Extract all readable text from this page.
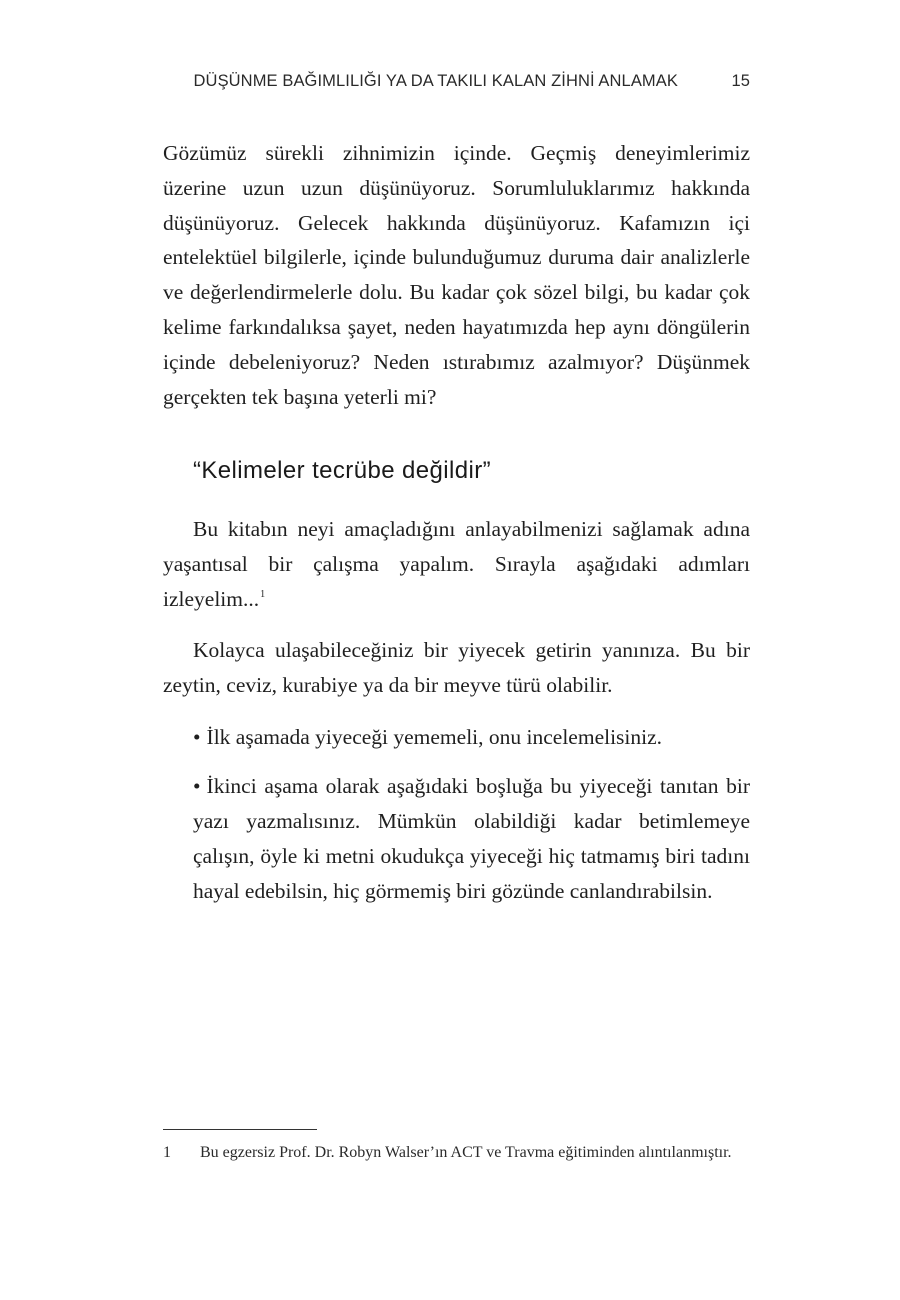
DÜŞÜNME BAĞIMLILIĞI YA DA TAKILI KALAN ZİHNİ ANLAMAK	15

Gözümüz sürekli zihnimizin içinde. Geçmiş deneyimlerimiz üzerine uzun uzun düşünüyoruz. Sorumluluklarımız hakkında düşünüyoruz. Gelecek hakkında düşünüyoruz. Kafamızın içi entelektüel bilgilerle, içinde bulunduğumuz duruma dair analizlerle ve değerlendirmelerle dolu. Bu kadar çok sözel bilgi, bu kadar çok kelime farkındalıksa şayet, neden hayatımızda hep aynı döngülerin içinde debeleniyoruz? Neden ıstırabımız azalmıyor? Düşünmek gerçekten tek başına yeterli mi?

“Kelimeler tecrübe değildir”

Bu kitabın neyi amaçladığını anlayabilmenizi sağlamak adına yaşantısal bir çalışma yapalım. Sırayla aşağıdaki adımları izleyelim...$^1$

Kolayca ulaşabileceğiniz bir yiyecek getirin yanınıza. Bu bir zeytin, ceviz, kurabiye ya da bir meyve türü olabilir.

• İlk aşamada yiyeceği yememeli, onu incelemelisiniz.

• İkinci aşama olarak aşağıdaki boşluğa bu yiyeceği tanıtan bir yazı yazmalısınız. Mümkün olabildiği kadar betimlemeye çalışın, öyle ki metni okudukça yiyeceği hiç tatmamış biri tadını hayal edebilsin, hiç görmemiş biri gözünde canlandırabilsin.

1 Bu egzersiz Prof. Dr. Robyn Walser’ın ACT ve Travma eğitiminden alıntılanmıştır.
